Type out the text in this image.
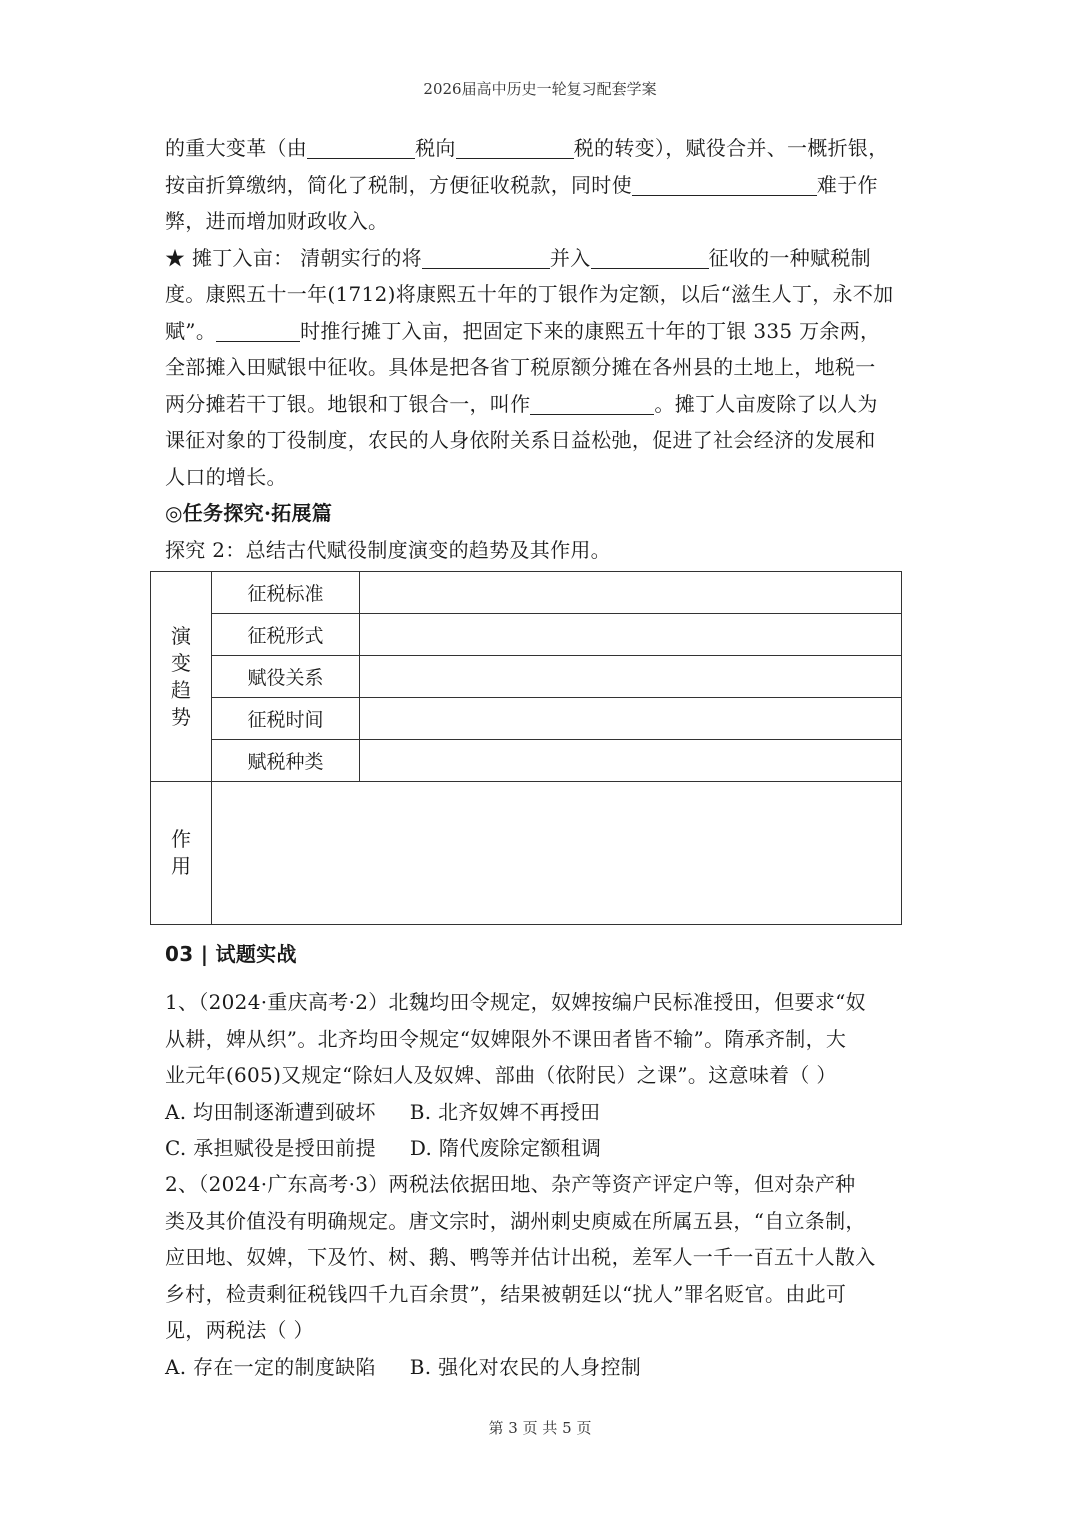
2026届高中历史一轮复习配套学案
的重大变革（由	税向	税的转变），赋役合并、一概折银，
按亩折算缴纳，简化了税制，方便征收税款，同时使	难于作
弊，进而增加财政收入。
★ 摊丁入亩： 清朝实行的将	并入	征收的一种赋税制
度。康熙五十一年(1712)将康熙五十年的丁银作为定额，以后“滋生人丁，永不加
赋”。	时推行摊丁入亩，把固定下来的康熙五十年的丁银 335 万余两，
全部摊入田赋银中征收。具体是把各省丁税原额分摊在各州县的土地上，地税一
两分摊若干丁银。地银和丁银合一，叫作	。摊丁人亩废除了以人为
课征对象的丁役制度，农民的人身依附关系日益松弛，促进了社会经济的发展和
人口的增长。
◎任务探究·拓展篇
探究 2：总结古代赋役制度演变的趋势及其作用。
演变趋势	征税标准	
	征税形式	
	赋役关系	
	征税时间	
	赋税种类	
作用		
03 | 试题实战
1、（2024·重庆高考·2）北魏均田令规定，奴婢按编户民标准授田，但要求“奴
从耕，婢从织”。北齐均田令规定“奴婢限外不课田者皆不输”。隋承齐制，大
业元年(605)又规定“除妇人及奴婢、部曲（依附民）之课”。这意味着（ ）
A. 均田制逐渐遭到破坏 B. 北齐奴婢不再授田
C. 承担赋役是授田前提 D. 隋代废除定额租调
2、（2024·广东高考·3）两税法依据田地、杂产等资产评定户等，但对杂产种
类及其价值没有明确规定。唐文宗时，湖州刺史庾威在所属五县，“自立条制，
应田地、奴婢，下及竹、树、鹅、鸭等并估计出税，差军人一千一百五十人散入
乡村，检责剩征税钱四千九百余贯”，结果被朝廷以“扰人”罪名贬官。由此可
见，两税法（ ）
A. 存在一定的制度缺陷 B. 强化对农民的人身控制
第 3 页 共 5 页
